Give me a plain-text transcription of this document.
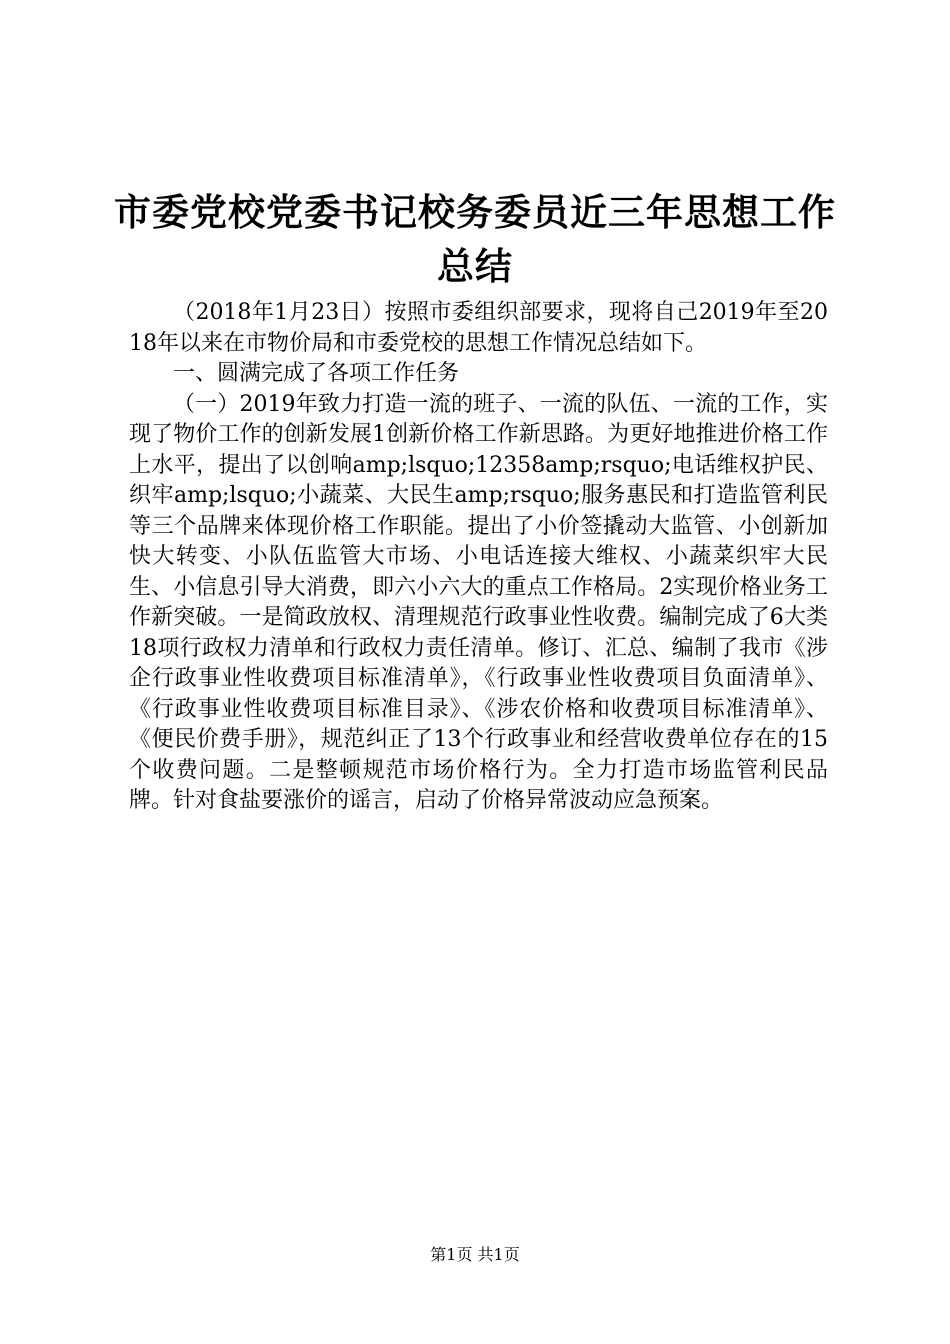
市委党校党委书记校务委员近三年思想工作总结

（2018年1月23日）按照市委组织部要求，现将自己2019年至2018年以来在市物价局和市委党校的思想工作情况总结如下。

一、圆满完成了各项工作任务

（一）2019年致力打造一流的班子、一流的队伍、一流的工作，实现了物价工作的创新发展1创新价格工作新思路。为更好地推进价格工作上水平，提出了以创响amp;lsquo;12358amp;rsquo;电话维权护民、织牢amp;lsquo;小蔬菜、大民生amp;rsquo;服务惠民和打造监管利民等三个品牌来体现价格工作职能。提出了小价签撬动大监管、小创新加快大转变、小队伍监管大市场、小电话连接大维权、小蔬菜织牢大民生、小信息引导大消费，即六小六大的重点工作格局。2实现价格业务工作新突破。一是简政放权、清理规范行政事业性收费。编制完成了6大类18项行政权力清单和行政权力责任清单。修订、汇总、编制了我市《涉企行政事业性收费项目标准清单》，《行政事业性收费项目负面清单》、《行政事业性收费项目标准目录》、《涉农价格和收费项目标准清单》、《便民价费手册》，规范纠正了13个行政事业和经营收费单位存在的15个收费问题。二是整顿规范市场价格行为。全力打造市场监管利民品牌。针对食盐要涨价的谣言，启动了价格异常波动应急预案。

第1页 共1页
